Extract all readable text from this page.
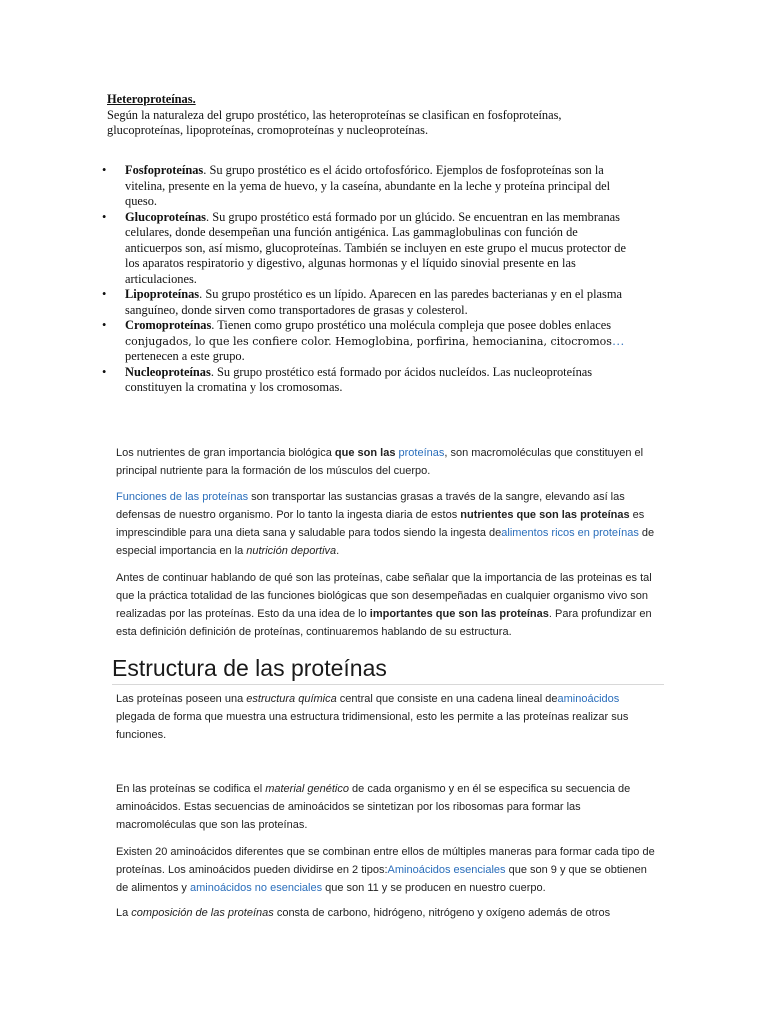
Heteroproteínas.
Según la naturaleza del grupo prostético, las heteroproteínas se clasifican en fosfoproteínas,
glucoproteínas, lipoproteínas, cromoproteínas y nucleoproteínas.
• Fosfoproteínas. Su grupo prostético es el ácido ortofosfórico. Ejemplos de fosfoproteínas son la
vitelina, presente en la yema de huevo, y la caseína, abundante en la leche y proteína principal del
queso.
• Glucoproteínas. Su grupo prostético está formado por un glúcido. Se encuentran en las membranas
celulares, donde desempeñan una función antigénica. Las gammaglobulinas con función de
anticuerpos son, así mismo, glucoproteínas. También se incluyen en este grupo el mucus protector de
los aparatos respiratorio y digestivo, algunas hormonas y el líquido sinovial presente en las
articulaciones.
• Lipoproteínas. Su grupo prostético es un lípido. Aparecen en las paredes bacterianas y en el plasma
sanguíneo, donde sirven como transportadores de grasas y colesterol.
• Cromoproteínas. Tienen como grupo prostético una molécula compleja que posee dobles enlaces
conjugados, lo que les confiere color. Hemoglobina, porfirina, hemocianina, citocromos…
pertenecen a este grupo.
• Nucleoproteínas. Su grupo prostético está formado por ácidos nucleídos. Las nucleoproteínas
constituyen la cromatina y los cromosomas.

Los nutrientes de gran importancia biológica que son las proteínas, son macromoléculas que constituyen el principal nutriente para la formación de los músculos del cuerpo.

Funciones de las proteínas son transportar las sustancias grasas a través de la sangre, elevando así las defensas de nuestro organismo. Por lo tanto la ingesta diaria de estos nutrientes que son las proteínas es imprescindible para una dieta sana y saludable para todos siendo la ingesta dealimentos ricos en proteínas de especial importancia en la nutrición deportiva.

Antes de continuar hablando de qué son las proteínas, cabe señalar que la importancia de las proteinas es tal que la práctica totalidad de las funciones biológicas que son desempeñadas en cualquier organismo vivo son realizadas por las proteínas. Esto da una idea de lo importantes que son las proteínas. Para profundizar en esta definición definición de proteínas, continuaremos hablando de su estructura.

Estructura de las proteínas

Las proteínas poseen una estructura química central que consiste en una cadena lineal deaminoácidos plegada de forma que muestra una estructura tridimensional, esto les permite a las proteínas realizar sus funciones.

En las proteínas se codifica el material genético de cada organismo y en él se especifica su secuencia de aminoácidos. Estas secuencias de aminoácidos se sintetizan por los ribosomas para formar las macromoléculas que son las proteínas.

Existen 20 aminoácidos diferentes que se combinan entre ellos de múltiples maneras para formar cada tipo de proteínas. Los aminoácidos pueden dividirse en 2 tipos:Aminoácidos esenciales que son 9 y que se obtienen de alimentos y aminoácidos no esenciales que son 11 y se producen en nuestro cuerpo.

La composición de las proteínas consta de carbono, hidrógeno, nitrógeno y oxígeno además de otros
